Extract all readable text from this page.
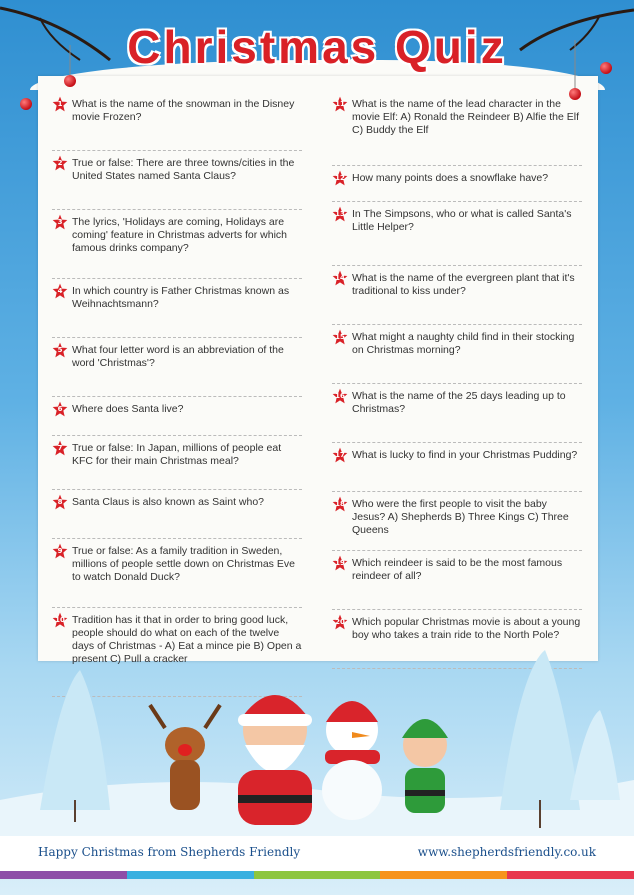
Christmas Quiz
1 What is the name of the snowman in the Disney movie Frozen?
2 True or false: There are three towns/cities in the United States named Santa Claus?
3 The lyrics, 'Holidays are coming, Holidays are coming' feature in Christmas adverts for which famous drinks company?
4 In which country is Father Christmas known as Weihnachtsmann?
5 What four letter word is an abbreviation of the word 'Christmas'?
6 Where does Santa live?
7 True or false: In Japan, millions of people eat KFC for their main Christmas meal?
8 Santa Claus is also known as Saint who?
9 True or false: As a family tradition in Sweden, millions of people settle down on Christmas Eve to watch Donald Duck?
10 Tradition has it that in order to bring good luck, people should do what on each of the twelve days of Christmas - A) Eat a mince pie B) Open a present C) Pull a cracker
11 What is the name of the lead character in the movie Elf: A) Ronald the Reindeer B) Alfie the Elf C) Buddy the Elf
12 How many points does a snowflake have?
13 In The Simpsons, who or what is called Santa's Little Helper?
14 What is the name of the evergreen plant that it's traditional to kiss under?
15 What might a naughty child find in their stocking on Christmas morning?
16 What is the name of the 25 days leading up to Christmas?
17 What is lucky to find in your Christmas Pudding?
18 Who were the first people to visit the baby Jesus? A) Shepherds B) Three Kings C) Three Queens
19 Which reindeer is said to be the most famous reindeer of all?
20 Which popular Christmas movie is about a young boy who takes a train ride to the North Pole?
Happy Christmas from Shepherds Friendly	www.shepherdsfriendly.co.uk
